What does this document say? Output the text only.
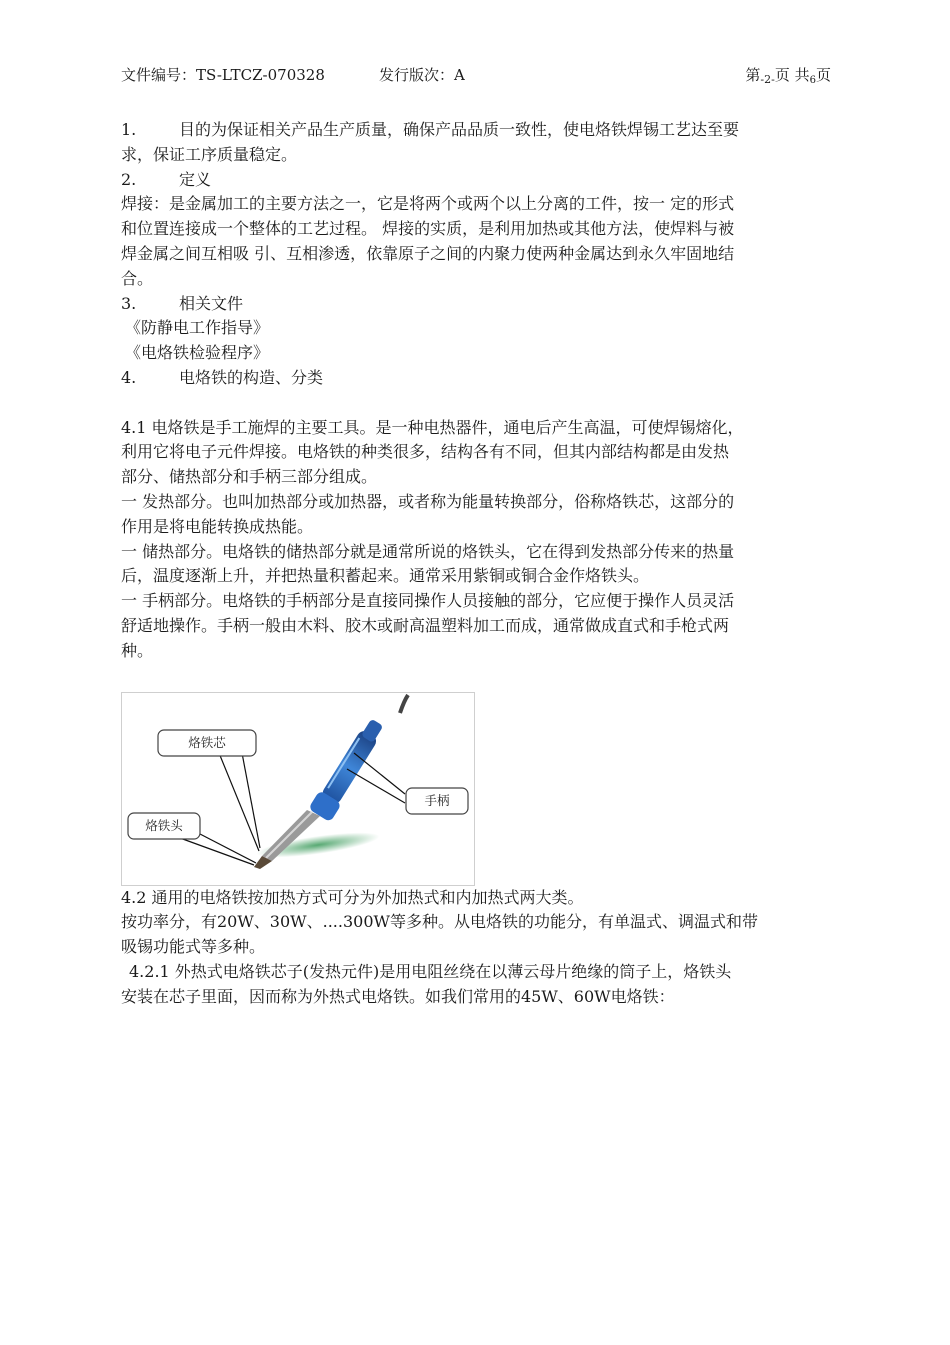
文件编号：TS-LTCZ-070328	发行版次：A	第$_{-2-}$页 共$_6$页

1.	目的为保证相关产品生产质量，确保产品品质一致性，使电烙铁焊锡工艺达至要

求，保证工序质量稳定。

2.	定义

焊接：是金属加工的主要方法之一，它是将两个或两个以上分离的工件，按一 定的形式

和位置连接成一个整体的工艺过程。 焊接的实质，是利用加热或其他方法，使焊料与被

焊金属之间互相吸 引、互相渗透，依靠原子之间的内聚力使两种金属达到永久牢固地结

合。

3.	相关文件

《防静电工作指导》

《电烙铁检验程序》

4.	电烙铁的构造、分类

4.1 电烙铁是手工施焊的主要工具。是一种电热器件，通电后产生高温，可使焊锡熔化，

利用它将电子元件焊接。电烙铁的种类很多，结构各有不同，但其内部结构都是由发热

部分、储热部分和手柄三部分组成。

一 发热部分。也叫加热部分或加热器，或者称为能量转换部分，俗称烙铁芯，这部分的

作用是将电能转换成热能。

一 储热部分。电烙铁的储热部分就是通常所说的烙铁头，它在得到发热部分传来的热量

后，温度逐渐上升，并把热量积蓄起来。通常采用紫铜或铜合金作烙铁头。

一 手柄部分。电烙铁的手柄部分是直接同操作人员接触的部分，它应便于操作人员灵活

舒适地操作。手柄一般由木料、胶木或耐高温塑料加工而成，通常做成直式和手枪式两

种。

烙铁芯
手柄
烙铁头

4.2 通用的电烙铁按加热方式可分为外加热式和内加热式两大类。

按功率分，有20W、30W、....300W等多种。从电烙铁的功能分，有单温式、调温式和带

吸锡功能式等多种。

4.2.1 外热式电烙铁芯子(发热元件)是用电阻丝绕在以薄云母片绝缘的筒子上，烙铁头

安装在芯子里面，因而称为外热式电烙铁。如我们常用的45W、60W电烙铁：
